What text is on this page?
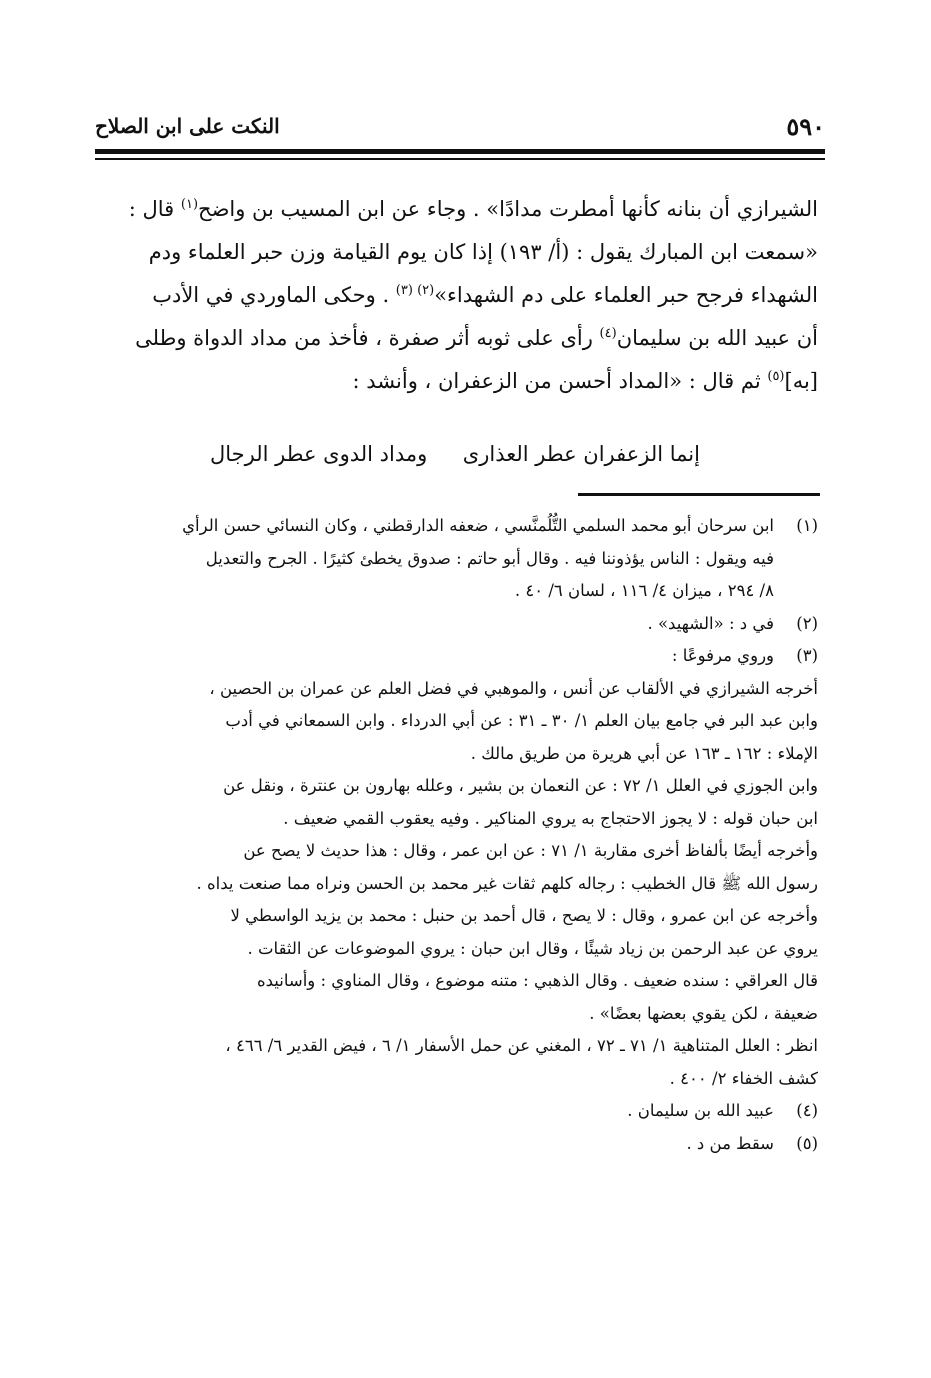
٥٩٠
النكت على ابن الصلاح
الشيرازي أن بنانه كأنها أمطرت مدادًا» . وجاء عن ابن المسيب بن واضح$^{(١)}$ قال :
«سمعت ابن المبارك يقول : (أ/ ١٩٣) إذا كان يوم القيامة وزن حبر العلماء ودم
الشهداء فرجح حبر العلماء على دم الشهداء»$^{(٢) (٣)}$ . وحكى الماوردي في الأدب
أن عبيد الله بن سليمان$^{(٤)}$ رأى على ثوبه أثر صفرة ، فأخذ من مداد الدواة وطلى
[به]$^{(٥)}$ ثم قال : «المداد أحسن من الزعفران ، وأنشد :
إنما الزعفران عطر العذارى
ومداد الدوى عطر الرجال
(١)
ابن سرحان أبو محمد السلمي التُّلُمنَّسي ، ضعفه الدارقطني ، وكان النسائي حسن الرأي
فيه ويقول : الناس يؤذوننا فيه . وقال أبو حاتم : صدوق يخطئ كثيرًا . الجرح والتعديل
٨/ ٢٩٤ ، ميزان ٤/ ١١٦ ، لسان ٦/ ٤٠ .
(٢)
في د : «الشهيد» .
(٣)
وروي مرفوعًا :
أخرجه الشيرازي في الألقاب عن أنس ، والموهبي في فضل العلم عن عمران بن الحصين ،
وابن عبد البر في جامع بيان العلم ١/ ٣٠ ـ ٣١ : عن أبي الدرداء . وابن السمعاني في أدب
الإملاء : ١٦٢ ـ ١٦٣ عن أبي هريرة من طريق مالك .
وابن الجوزي في العلل ١/ ٧٢ : عن النعمان بن بشير ، وعلله بهارون بن عنترة ، ونقل عن
ابن حبان قوله : لا يجوز الاحتجاج به يروي المناكير . وفيه يعقوب القمي ضعيف .
وأخرجه أيضًا بألفاظ أخرى مقاربة ١/ ٧١ : عن ابن عمر ، وقال : هذا حديث لا يصح عن
رسول الله ﷺ قال الخطيب : رجاله كلهم ثقات غير محمد بن الحسن ونراه مما صنعت يداه .
وأخرجه عن ابن عمرو ، وقال : لا يصح ، قال أحمد بن حنبل : محمد بن يزيد الواسطي لا
يروي عن عبد الرحمن بن زياد شيئًا ، وقال ابن حبان : يروي الموضوعات عن الثقات .
قال العراقي : سنده ضعيف . وقال الذهبي : متنه موضوع ، وقال المناوي : وأسانيده
ضعيفة ، لكن يقوي بعضها بعضًا» .
انظر : العلل المتناهية ١/ ٧١ ـ ٧٢ ، المغني عن حمل الأسفار ١/ ٦ ، فيض القدير ٦/ ٤٦٦ ،
كشف الخفاء ٢/ ٤٠٠ .
(٤)
عبيد الله بن سليمان .
(٥)
سقط من د .
